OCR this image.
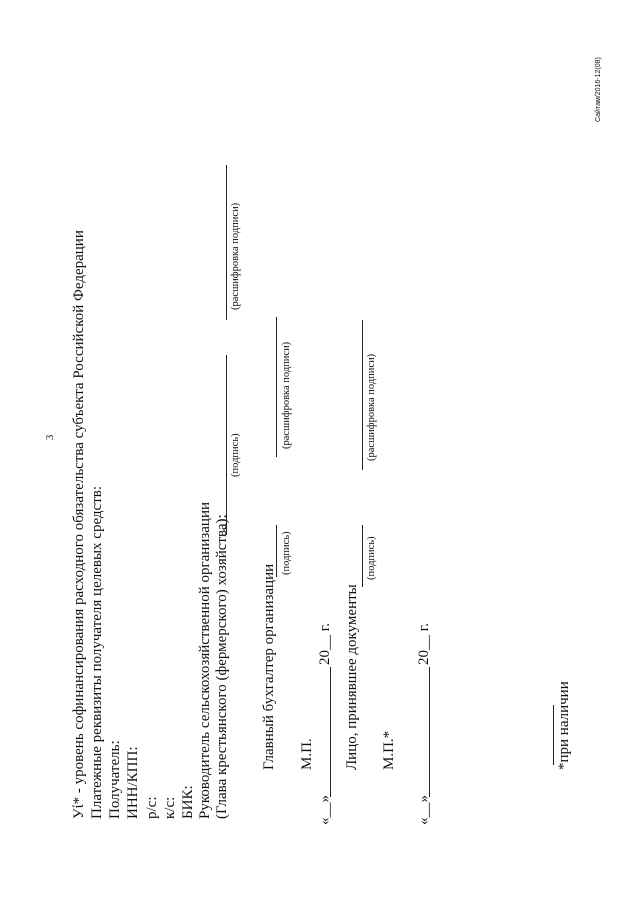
3 Уί* - уровень софинансирования расходного обязательства субъекта Российской Федерации Платежные реквизиты получателя целевых средств: Получатель: ИНН/КПП: р/с: к/с: БИК: Руководитель сельскохозяйственной организации (Глава крестьянского (фермерского) хозяйства):
(подпись)
(расшифровка подписи)
Главный бухгалтер организации
(подпись)
(расшифровка подписи)
М.П.
«__»
20__ г. Лицо, принявшее документы
(подпись)
(расшифровка подписи)
М.П.*
«__»
20__ г.
*при наличии
Сайтам/2016-12(08)
